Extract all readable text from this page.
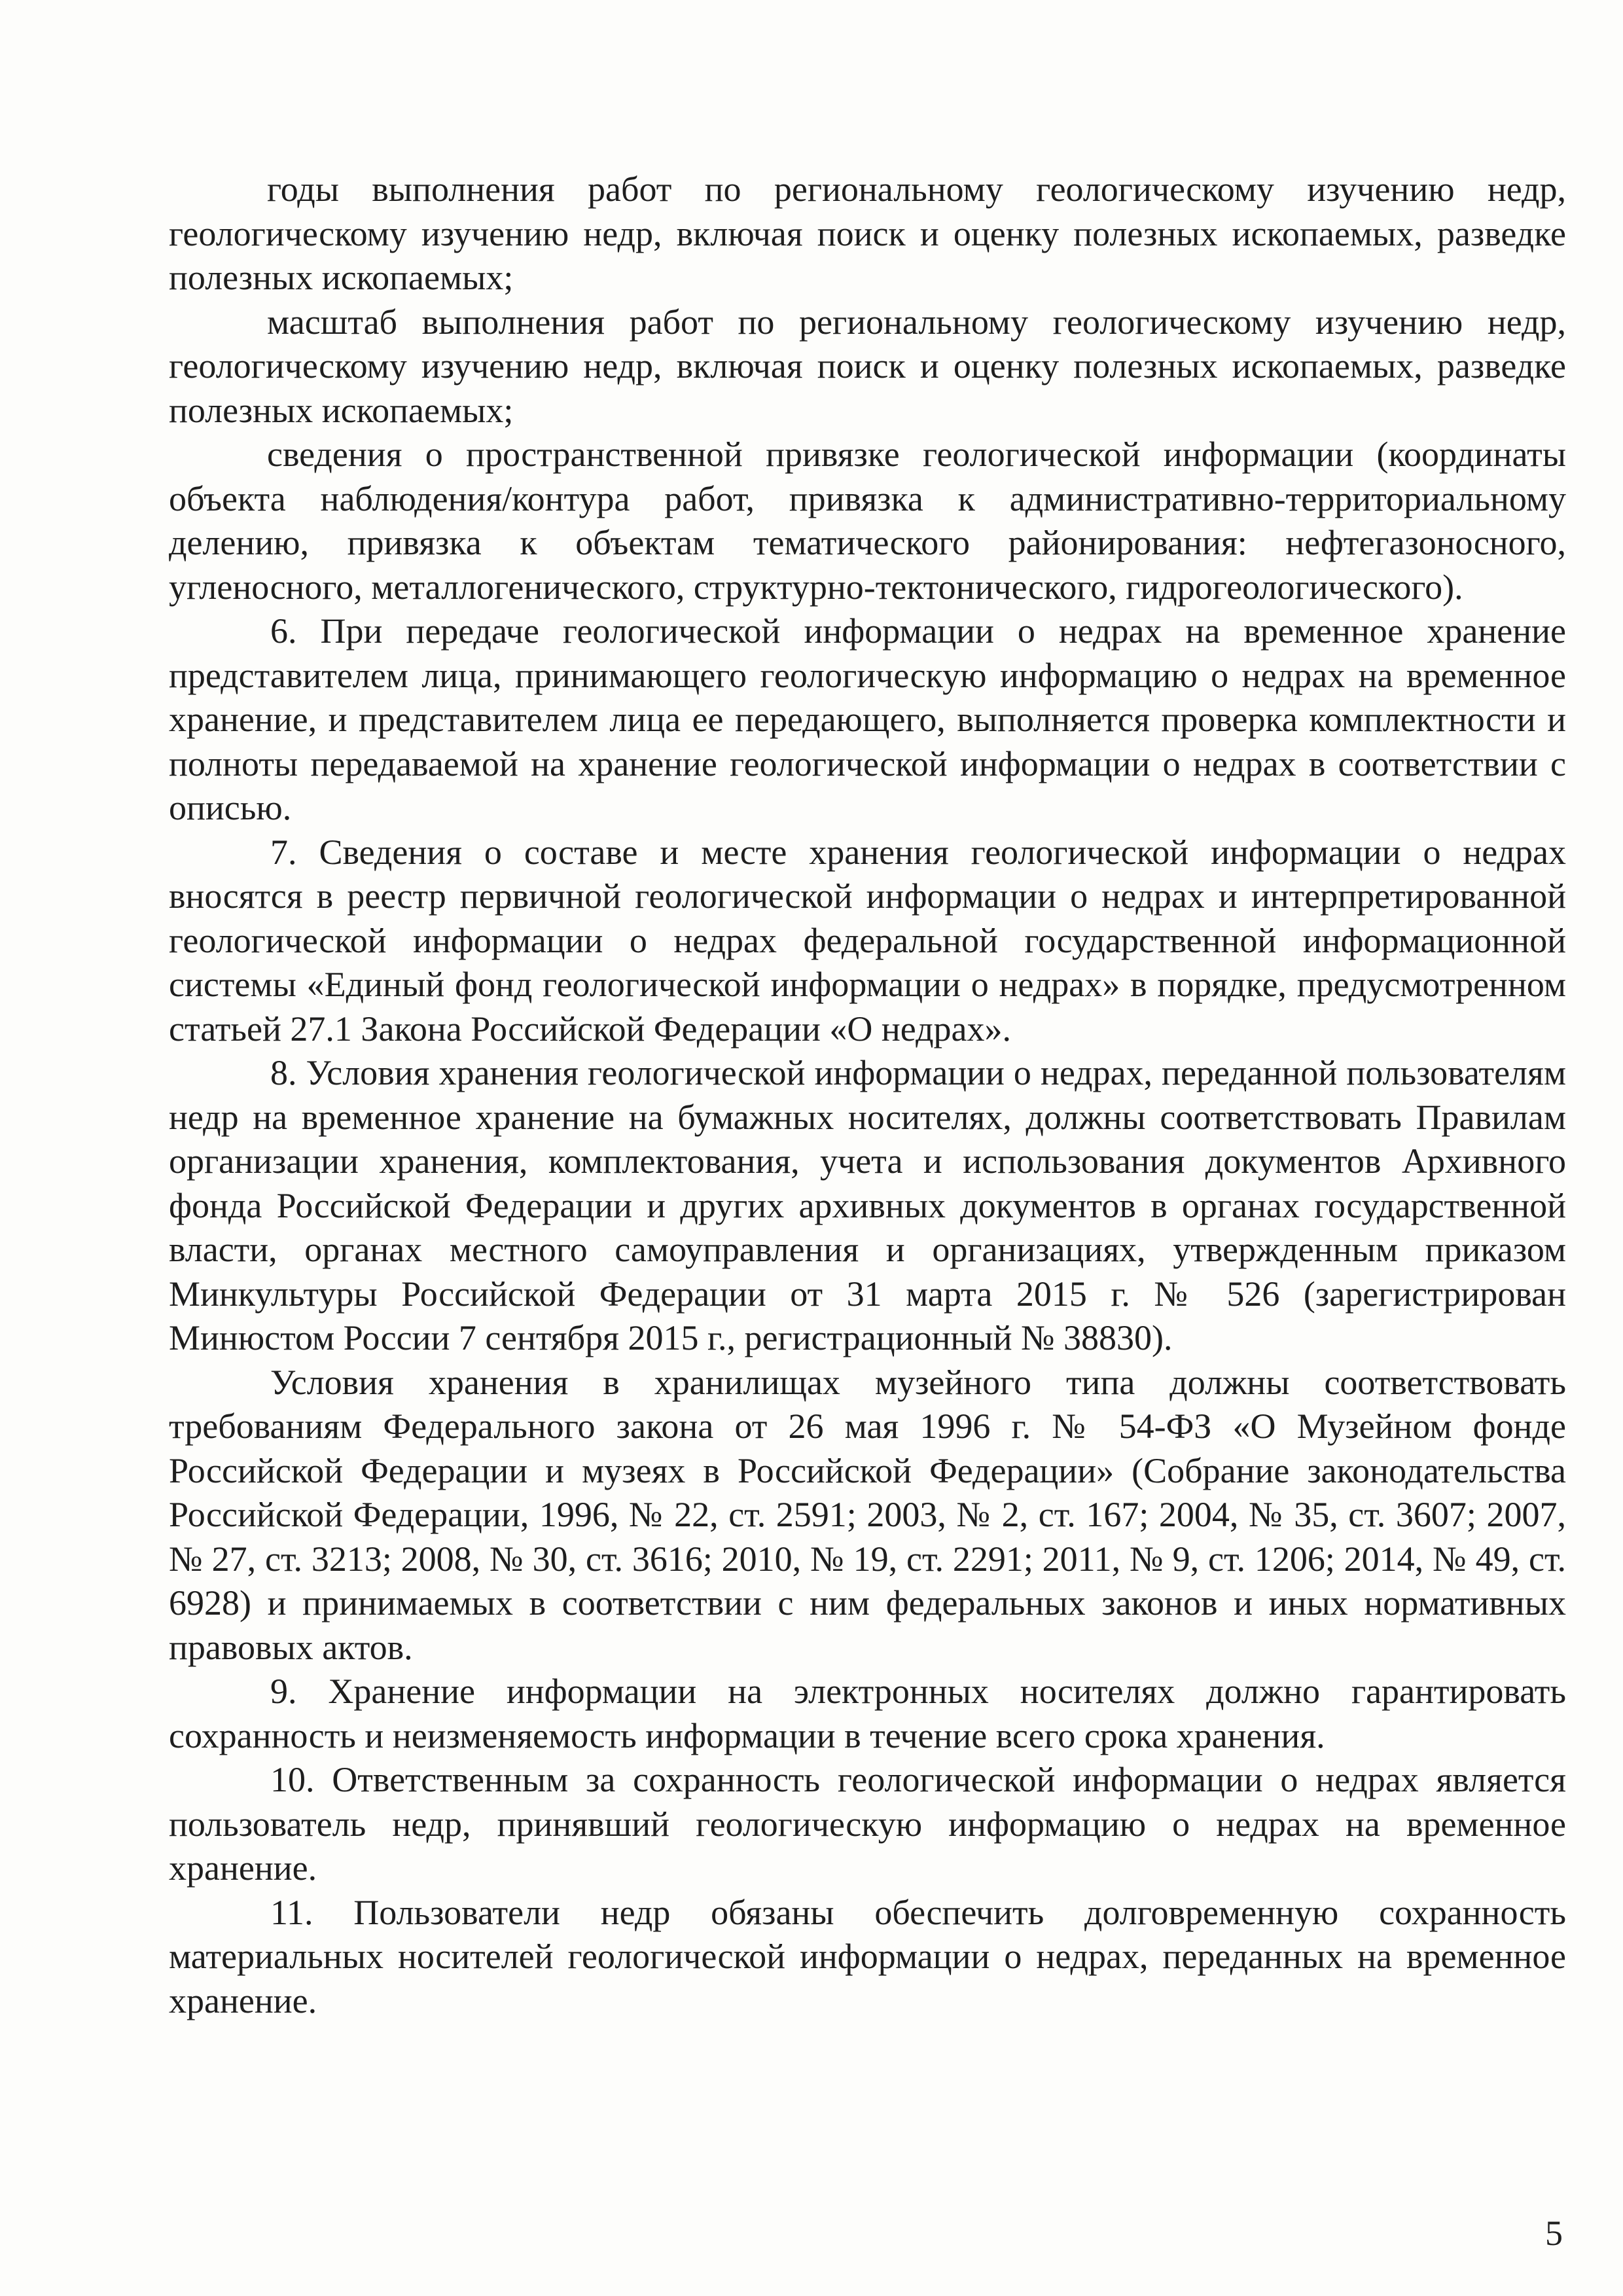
годы выполнения работ по региональному геологическому изучению недр, геологическому изучению недр, включая поиск и оценку полезных ископаемых, разведке полезных ископаемых;

масштаб выполнения работ по региональному геологическому изучению недр, геологическому изучению недр, включая поиск и оценку полезных ископаемых, разведке полезных ископаемых;

сведения о пространственной привязке геологической информации (координаты объекта наблюдения/контура работ, привязка к административно-территориальному делению, привязка к объектам тематического районирования: нефтегазоносного, угленосного, металлогенического, структурно-тектонического, гидрогеологического).

6. При передаче геологической информации о недрах на временное хранение представителем лица, принимающего геологическую информацию о недрах на временное хранение, и представителем лица ее передающего, выполняется проверка комплектности и полноты передаваемой на хранение геологической информации о недрах в соответствии с описью.

7. Сведения о составе и месте хранения геологической информации о недрах вносятся в реестр первичной геологической информации о недрах и интерпретированной геологической информации о недрах федеральной государственной информационной системы «Единый фонд геологической информации о недрах» в порядке, предусмотренном статьей 27.1 Закона Российской Федерации «О недрах».

8. Условия хранения геологической информации о недрах, переданной пользователям недр на временное хранение на бумажных носителях, должны соответствовать Правилам организации хранения, комплектования, учета и использования документов Архивного фонда Российской Федерации и других архивных документов в органах государственной власти, органах местного самоуправления и организациях, утвержденным приказом Минкультуры Российской Федерации от 31 марта 2015 г. № 526 (зарегистрирован Минюстом России 7 сентября 2015 г., регистрационный № 38830).

Условия хранения в хранилищах музейного типа должны соответствовать требованиям Федерального закона от 26 мая 1996 г. № 54-ФЗ «О Музейном фонде Российской Федерации и музеях в Российской Федерации» (Собрание законодательства Российской Федерации, 1996, № 22, ст. 2591; 2003, № 2, ст. 167; 2004, № 35, ст. 3607; 2007, № 27, ст. 3213; 2008, № 30, ст. 3616; 2010, № 19, ст. 2291; 2011, № 9, ст. 1206; 2014, № 49, ст. 6928) и принимаемых в соответствии с ним федеральных законов и иных нормативных правовых актов.

9. Хранение информации на электронных носителях должно гарантировать сохранность и неизменяемость информации в течение всего срока хранения.

10. Ответственным за сохранность геологической информации о недрах является пользователь недр, принявший геологическую информацию о недрах на временное хранение.

11. Пользователи недр обязаны обеспечить долговременную сохранность материальных носителей геологической информации о недрах, переданных на временное хранение.

5
